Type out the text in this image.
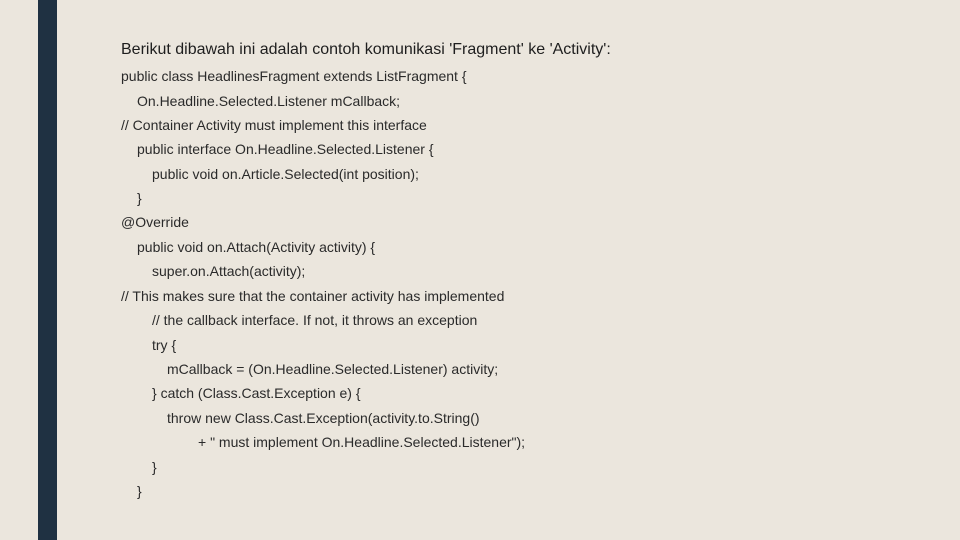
Berikut dibawah ini adalah contoh komunikasi 'Fragment' ke 'Activity':
public class HeadlinesFragment extends ListFragment {
On.Headline.Selected.Listener mCallback;
// Container Activity must implement this interface
public interface On.Headline.Selected.Listener {
public void on.Article.Selected(int position);
}
@Override
public void on.Attach(Activity activity) {
super.on.Attach(activity);
// This makes sure that the container activity has implemented
// the callback interface. If not, it throws an exception
try {
mCallback = (On.Headline.Selected.Listener) activity;
} catch (Class.Cast.Exception e) {
throw new Class.Cast.Exception(activity.to.String()
+ " must implement On.Headline.Selected.Listener");
}
}
